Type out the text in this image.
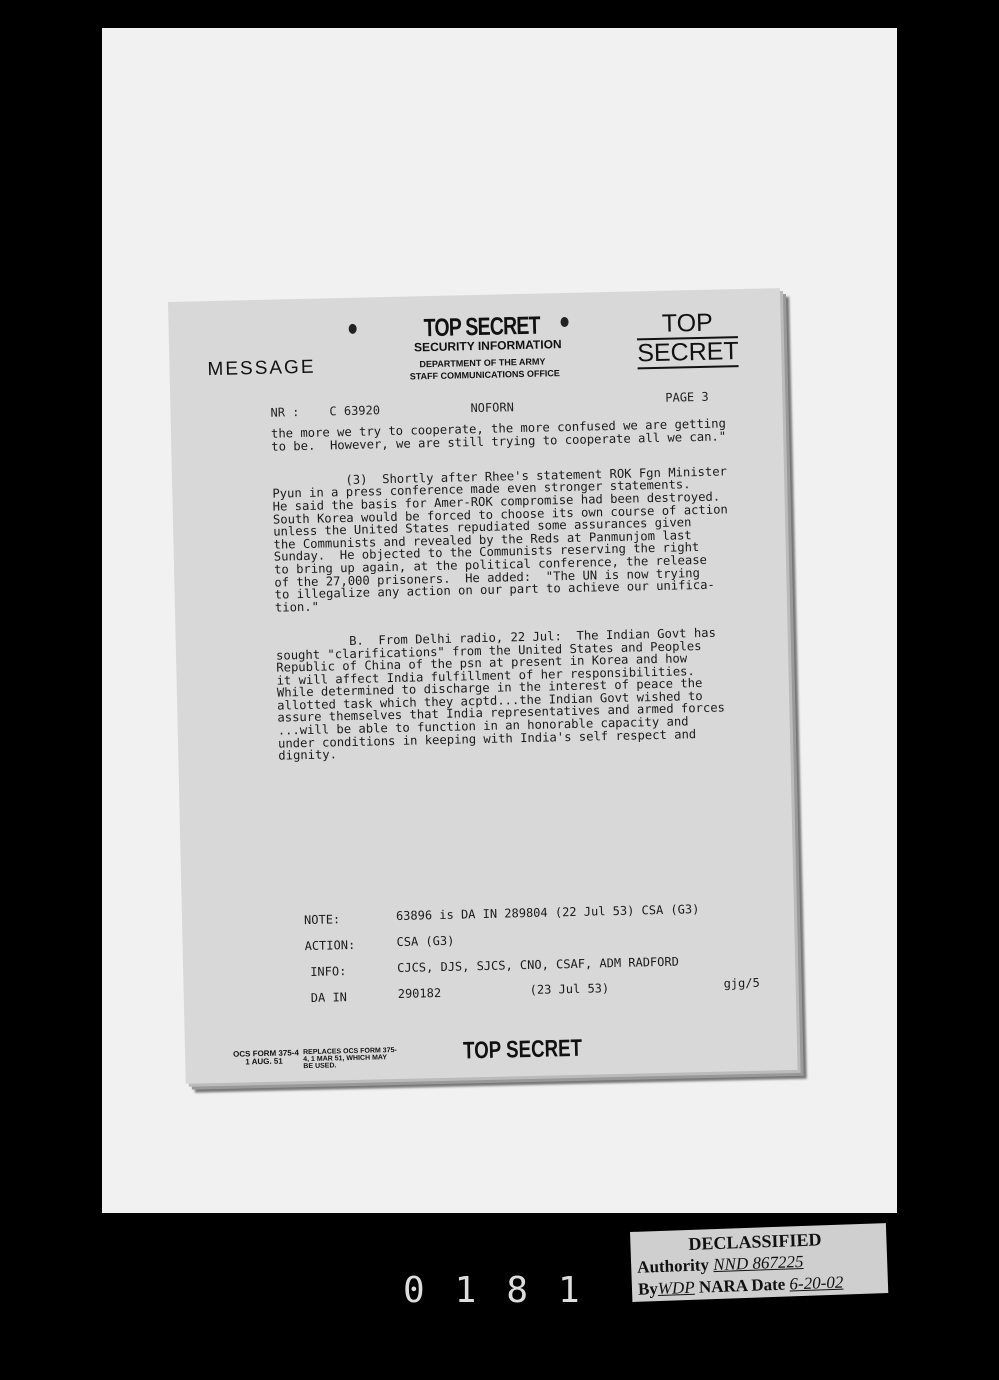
TOP SECRET
SECURITY INFORMATION
DEPARTMENT OF THE ARMY
STAFF COMMUNICATIONS OFFICE
MESSAGE
TOP
SECRET
NR : C 63920	NOFORN
PAGE 3
the more we try to cooperate, the more confused we are getting
to be.  However, we are still trying to cooperate all we can."

(3)  Shortly after Rhee's statement ROK Fgn Minister
Pyun in a press conference made even stronger statements.
He said the basis for Amer-ROK compromise had been destroyed.
South Korea would be forced to choose its own course of action
unless the United States repudiated some assurances given
the Communists and revealed by the Reds at Panmunjom last
Sunday.  He objected to the Communists reserving the right
to bring up again, at the political conference, the release
of the 27,000 prisoners.  He added:  "The UN is now trying
to illegalize any action on our part to achieve our unifica-
tion."

B.  From Delhi radio, 22 Jul:  The Indian Govt has
sought "clarifications" from the United States and Peoples
Republic of China of the psn at present in Korea and how
it will affect India fulfillment of her responsibilities.
While determined to discharge in the interest of peace the
allotted task which they acptd...the Indian Govt wished to
assure themselves that India representatives and armed forces
...will be able to function in an honorable capacity and
under conditions in keeping with India's self respect and
dignity.
NOTE:	63896 is DA IN 289804 (22 Jul 53) CSA (G3)
ACTION:	CSA (G3)
INFO:	CJCS, DJS, SJCS, CNO, CSAF, ADM RADFORD
DA IN	290182	(23 Jul 53)	gjg/5
OCS FORM 375-4
1 AUG. 51
REPLACES OCS FORM 375-4, 1 MAR 51, WHICH MAY BE USED.
TOP SECRET
0181
DECLASSIFIED
Authority NND 867225
ByWDP NARA Date 6-20-02
